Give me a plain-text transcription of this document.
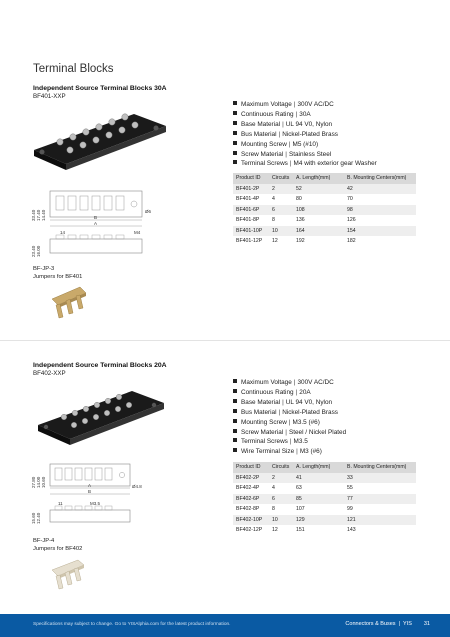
Terminal Blocks
Independent Source Terminal Blocks 30A
BF401-XXP
Maximum Voltage | 300V AC/DC
Continuous Rating | 30A
Base Material | UL 94 V0, Nylon
Bus Material | Nickel-Plated Brass
Mounting Screw | M5 (#10)
Screw Material | Stainless Steel
Terminal Screws | M4 with exterior gear Washer
33.40 17.40 14.40	B
A
Ø6
23.40 16.00
14	M4
Product ID	Circuits	A. Length(mm)	B. Mounting Centers(mm)
BF401-2P	2	52	42
BF401-4P	4	80	70
BF401-6P	6	108	98
BF401-8P	8	136	126
BF401-10P	10	164	154
BF401-12P	12	192	182
BF-JP-3
Jumpers for BF401
Independent Source Terminal Blocks 20A
BF402-XXP
Maximum Voltage | 300V AC/DC
Continuous Rating | 20A
Base Material | UL 94 V0, Nylon
Bus Material | Nickel-Plated Brass
Mounting Screw | M3.5 (#6)
Screw Material | Steel / Nickel Plated
Terminal Screws | M3.5
Wire Terminal Size | M3 (#6)
27.80 14.00 10.60	A
B
Ø4.8
15.60 12.40
11	M3.5
Product ID	Circuits	A. Length(mm)	B. Mounting Centers(mm)
BF402-2P	2	41	33
BF402-4P	4	63	55
BF402-6P	6	85	77
BF402-8P	8	107	99
BF402-10P	10	129	121
BF402-12P	12	151	143
BF-JP-4
Jumpers for BF402
Specifications may subject to change. Go to YISAlphia.com for the latest product information.	Connectors & Buses | YIS 31
